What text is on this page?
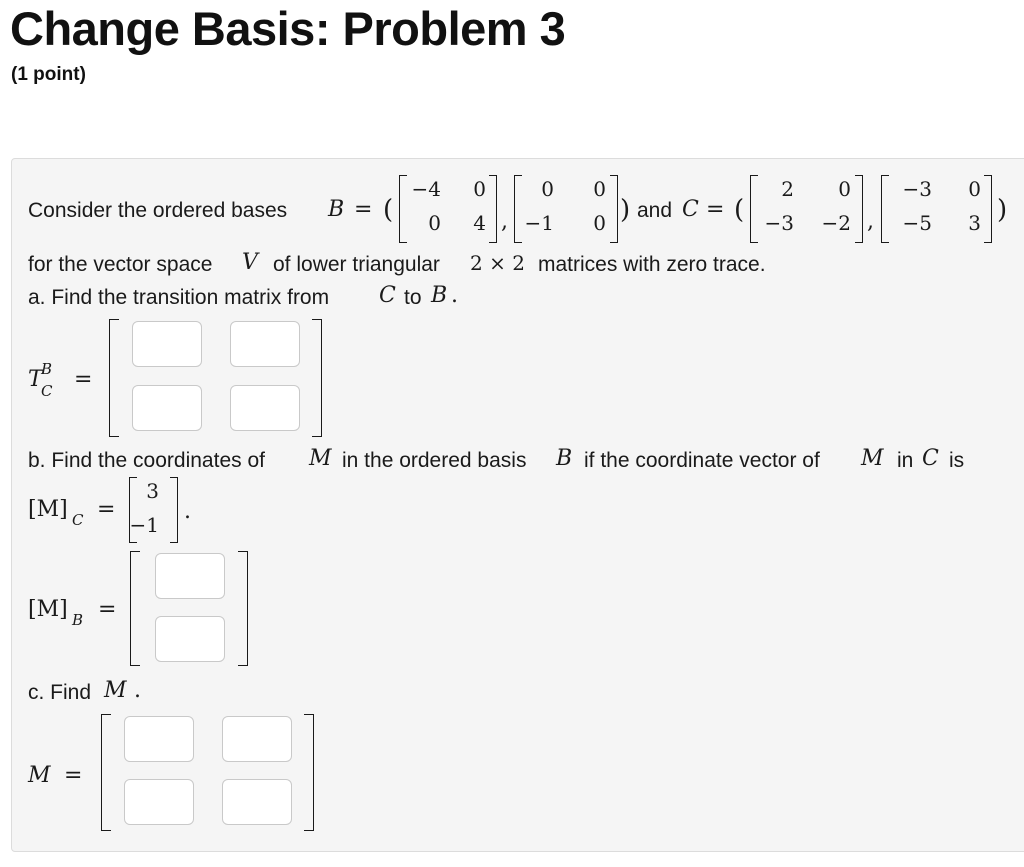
Change Basis: Problem 3
(1 point)
Consider the ordered bases B = (
−4	0
0	4 ,
0	0
−1	0 ) and C = (
2	0
−3 −2 ,
−3	0
−5	3 )
for the vector space V of lower triangular 2 × 2 matrices with zero trace.
a. Find the transition matrix from C to B .
T
B
C =
b. Find the coordinates of M in the ordered basis B if the coordinate vector of M in C is
[M] C =
3
−1
.
[M] B =
c. Find M .
M =
